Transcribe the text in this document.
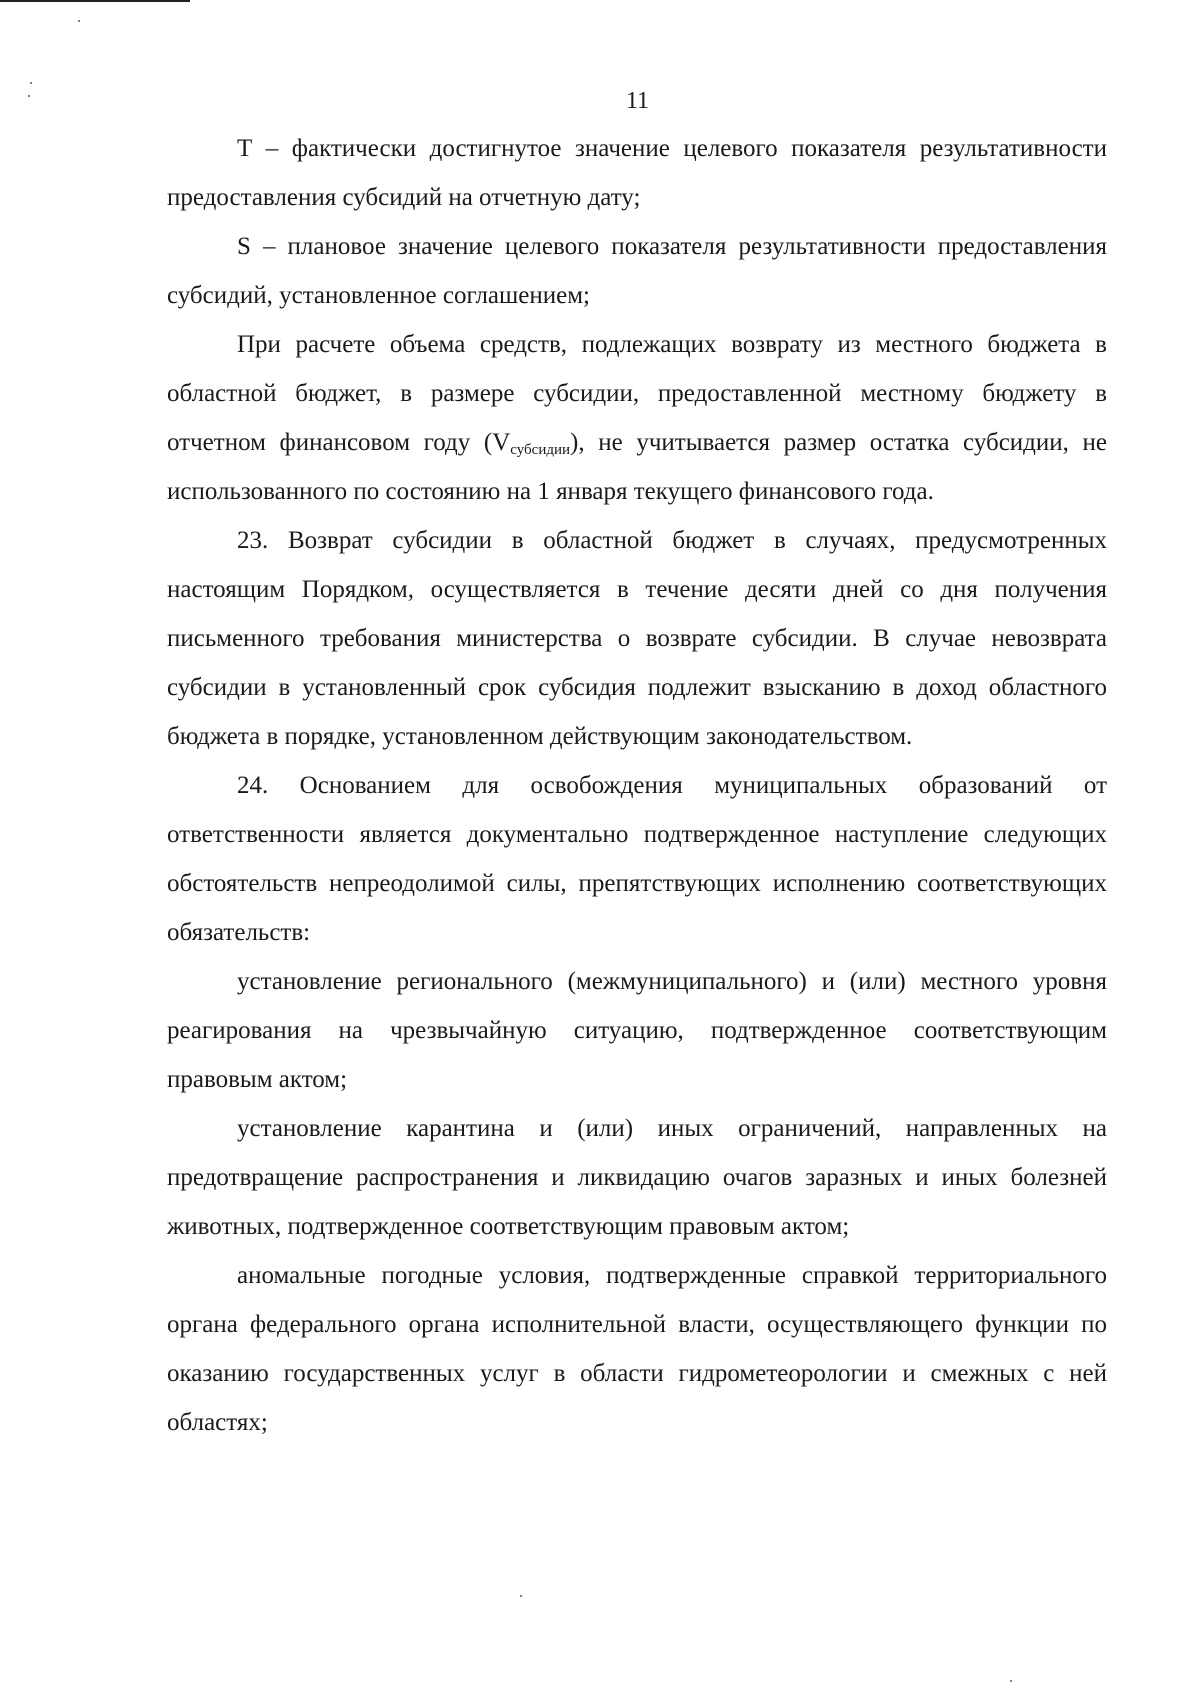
11

Т – фактически достигнутое значение целевого показателя результативности предоставления субсидий на отчетную дату;

S – плановое значение целевого показателя результативности предоставления субсидий, установленное соглашением;

При расчете объема средств, подлежащих возврату из местного бюджета в областной бюджет, в размере субсидии, предоставленной местному бюджету в отчетном финансовом году $(V_{субсидии})$, не учитывается размер остатка субсидии, не использованного по состоянию на 1 января текущего финансового года.

23. Возврат субсидии в областной бюджет в случаях, предусмотренных настоящим Порядком, осуществляется в течение десяти дней со дня получения письменного требования министерства о возврате субсидии. В случае невозврата субсидии в установленный срок субсидия подлежит взысканию в доход областного бюджета в порядке, установленном действующим законодательством.

24. Основанием для освобождения муниципальных образований от ответственности является документально подтвержденное наступление следующих обстоятельств непреодолимой силы, препятствующих исполнению соответствующих обязательств:

установление регионального (межмуниципального) и (или) местного уровня реагирования на чрезвычайную ситуацию, подтвержденное соответствующим правовым актом;

установление карантина и (или) иных ограничений, направленных на предотвращение распространения и ликвидацию очагов заразных и иных болезней животных, подтвержденное соответствующим правовым актом;

аномальные погодные условия, подтвержденные справкой территориального органа федерального органа исполнительной власти, осуществляющего функции по оказанию государственных услуг в области гидрометеорологии и смежных с ней областях;
